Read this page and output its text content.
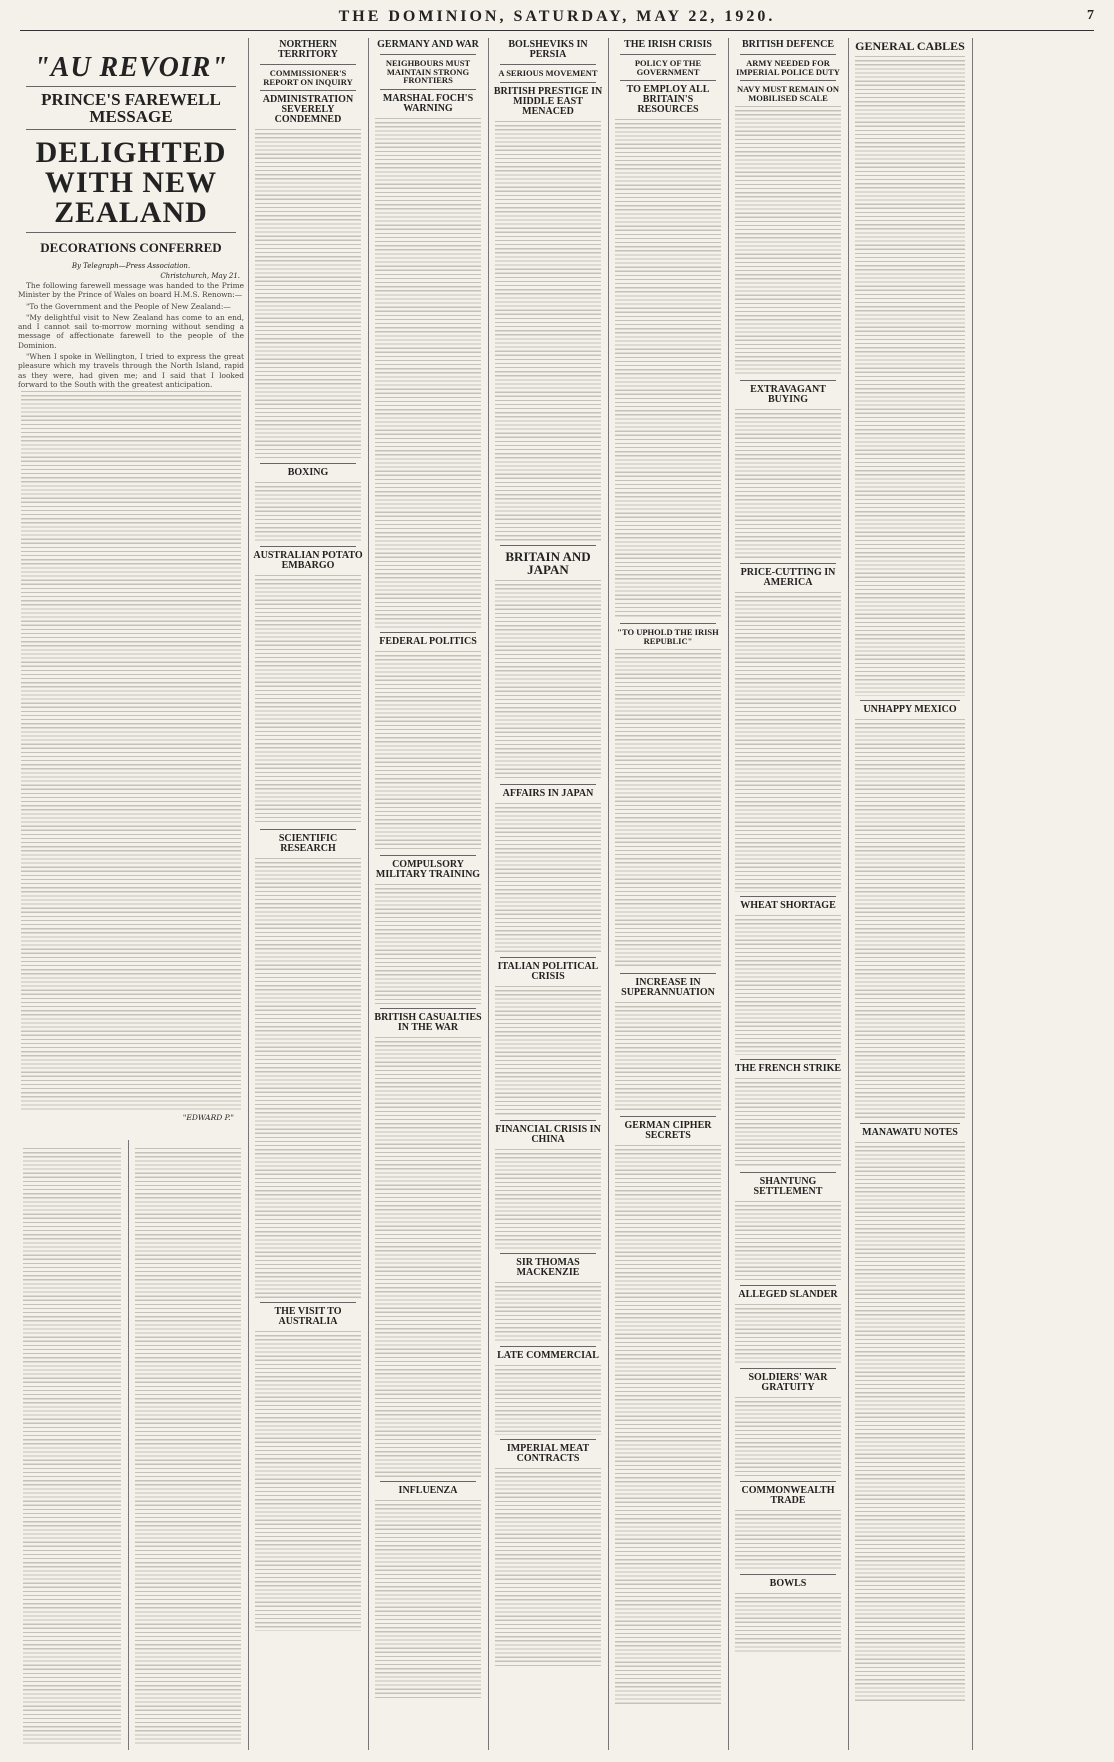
THE DOMINION, SATURDAY, MAY 22, 1920.	7
"AU REVOIR"
PRINCE'S FAREWELL MESSAGE
DELIGHTED WITH NEW ZEALAND
DECORATIONS CONFERRED
By Telegraph—Press Association.
Christchurch, May 21.

The following farewell message was handed to the Prime Minister by the Prince of Wales on board H.M.S. Renown:—

"To the Government and the People of New Zealand:—

"My delightful visit to New Zealand has come to an end, and I cannot sail to-morrow morning without sending a message of affectionate farewell to the people of the Dominion.

"When I spoke in Wellington, I tried to express the great pleasure which my travels through the North Island, rapid as they were, had given me; and I said that I looked forward to the South with the greatest anticipation.

"EDWARD P."
NORTHERN TERRITORY
COMMISSIONER'S REPORT ON INQUIRY
ADMINISTRATION SEVERELY CONDEMNED
BOXING
AUSTRALIAN POTATO EMBARGO
SCIENTIFIC RESEARCH
THE VISIT TO AUSTRALIA
GERMANY AND WAR
NEIGHBOURS MUST MAINTAIN STRONG FRONTIERS
MARSHAL FOCH'S WARNING
FEDERAL POLITICS
COMPULSORY MILITARY TRAINING
BRITISH CASUALTIES IN THE WAR
INFLUENZA
BOLSHEVIKS IN PERSIA
A SERIOUS MOVEMENT
BRITISH PRESTIGE IN MIDDLE EAST MENACED
BRITAIN AND JAPAN
AFFAIRS IN JAPAN
ITALIAN POLITICAL CRISIS
FINANCIAL CRISIS IN CHINA
SIR THOMAS MACKENZIE
LATE COMMERCIAL
IMPERIAL MEAT CONTRACTS
THE IRISH CRISIS
POLICY OF THE GOVERNMENT
TO EMPLOY ALL BRITAIN'S RESOURCES
"TO UPHOLD THE IRISH REPUBLIC"
INCREASE IN SUPERANNUATION
GERMAN CIPHER SECRETS
BRITISH DEFENCE
ARMY NEEDED FOR IMPERIAL POLICE DUTY
NAVY MUST REMAIN ON MOBILISED SCALE
EXTRAVAGANT BUYING
PRICE-CUTTING IN AMERICA
WHEAT SHORTAGE
THE FRENCH STRIKE
SHANTUNG SETTLEMENT
ALLEGED SLANDER
SOLDIERS' WAR GRATUITY
COMMONWEALTH TRADE
BOWLS
GENERAL CABLES
UNHAPPY MEXICO
MANAWATU NOTES
